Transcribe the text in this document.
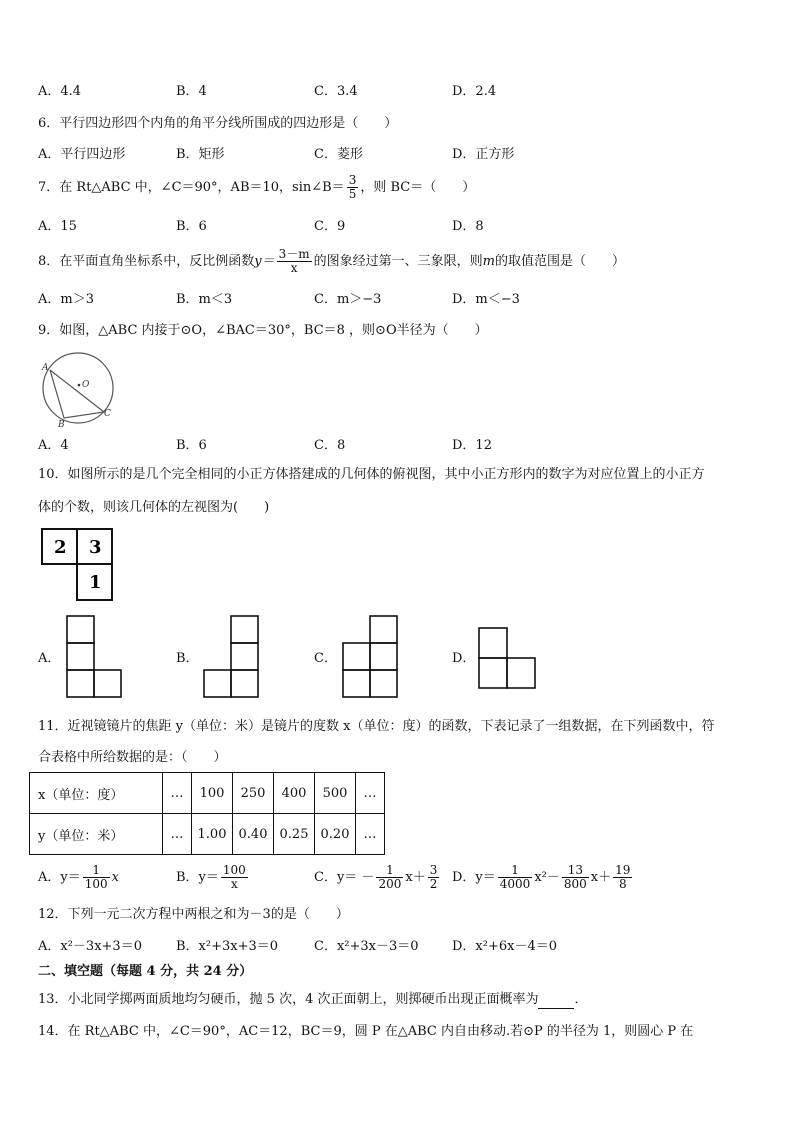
A．4.4	B．4	C．3.4	D．2.4
6．平行四边形四个内角的角平分线所围成的四边形是（　　）
A．平行四边形	B．矩形	C．菱形	D．正方形
7．在 Rt△ABC 中，∠C＝90°，AB＝10，sin∠B＝ $\frac{3}{5}$ ，则 BC＝（　　）
A．15	B．6	C．9	D．8
8．在平面直角坐标系中，反比例函数$y= \frac{3-m}{x}$ 的图象经过第一、三象限，则m的取值范围是（　　）
A．m＞3	B．m＜3	C．m＞−3	D．m＜−3
9．如图，△ABC 内接于⊙O，∠BAC＝30°，BC＝8 ，则⊙O半径为（　　）
A
B
C
O
A．4	B．6	C．8	D．12
10．如图所示的是几个完全相同的小正方体搭建成的几何体的俯视图，其中小正方形内的数字为对应位置上的小正方
体的个数，则该几何体的左视图为(　　)
2 3
1
A．	B．	C．	D．
11．近视镜镜片的焦距 y（单位：米）是镜片的度数 x（单位：度）的函数，下表记录了一组数据，在下列函数中，符
合表格中所给数据的是：（　　）
x（单位：度）	…	100	250	400	500	…
y（单位：米）	…	1.00	0.40	0.25	0.20	…
A．$y= \frac{1}{100}$ x	B．$y= \frac{100}{x}$	C．$y= - \frac{1}{200} x+ \frac{3}{2}$ D．$y= \frac{1}{4000} x^2- \frac{13}{800} x+ \frac{19}{8}$
12．下列一元二次方程中两根之和为－3的是（　　）
A．x²－3x+3＝0	B．x²+3x+3＝0	C．x²+3x－3＝0	D．x²+6x－4＝0
二、填空题（每题 4 分，共 24 分）
13．小北同学掷两面质地均匀硬币，抛 5 次，4 次正面朝上，则掷硬币出现正面概率为	．
14．在 Rt△ABC 中，∠C＝90°，AC＝12，BC＝9，圆 P 在△ABC 内自由移动.若⊙P 的半径为 1，则圆心 P 在
